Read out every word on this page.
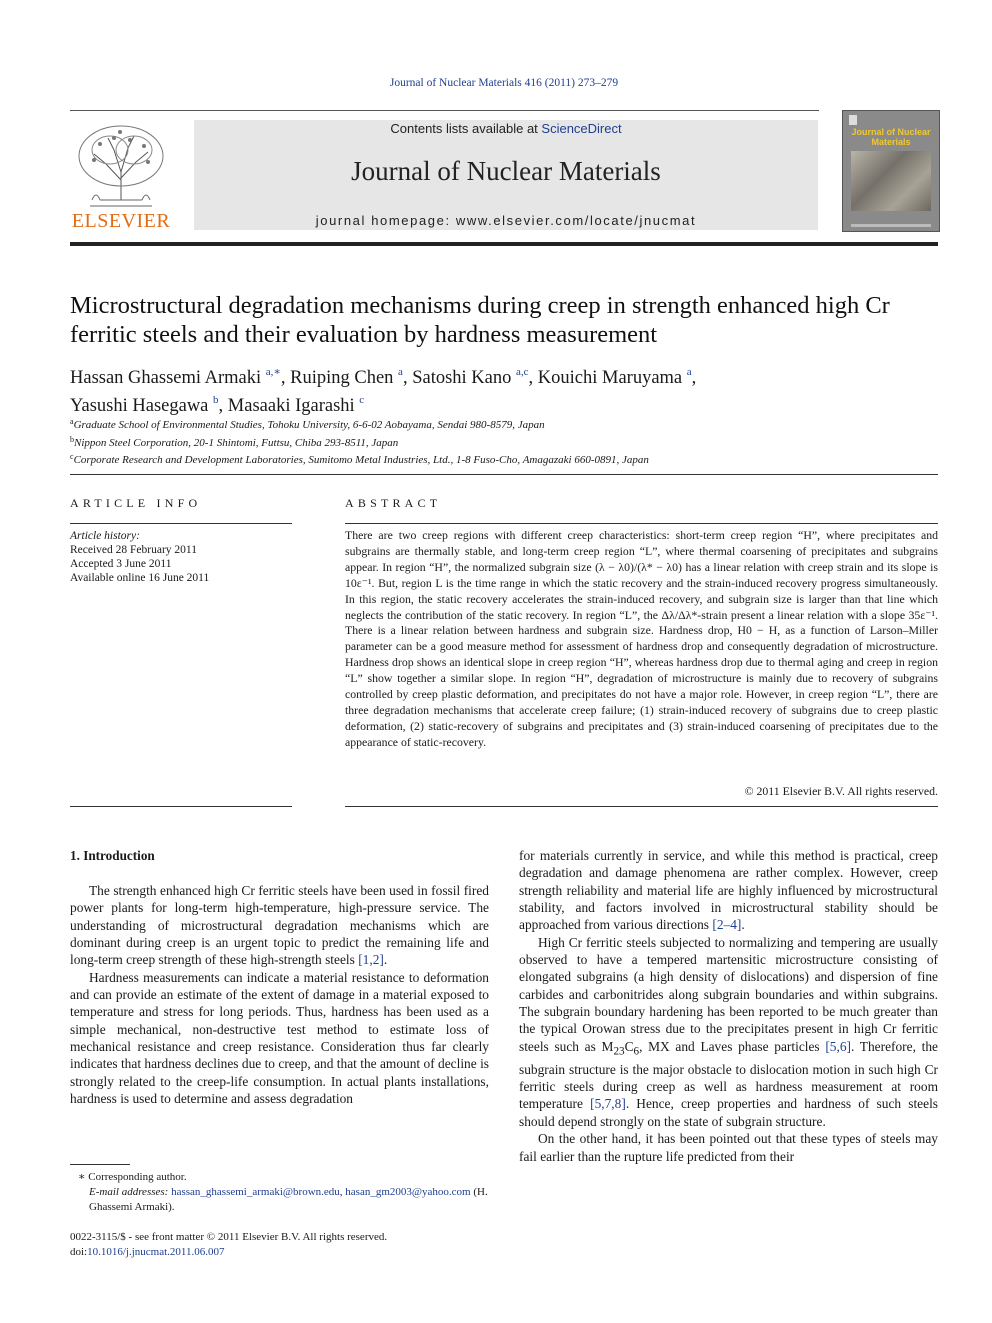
Journal of Nuclear Materials 416 (2011) 273–279
ELSEVIER
Contents lists available at ScienceDirect
Journal of Nuclear Materials
journal homepage: www.elsevier.com/locate/jnucmat
Journal of Nuclear Materials
Microstructural degradation mechanisms during creep in strength enhanced high Cr ferritic steels and their evaluation by hardness measurement
Hassan Ghassemi Armaki $^{a,∗}$, Ruiping Chen $^a$, Satoshi Kano $^{a,c}$, Kouichi Maruyama $^a$,
Yasushi Hasegawa $^b$, Masaaki Igarashi $^c$
$^a$Graduate School of Environmental Studies, Tohoku University, 6-6-02 Aobayama, Sendai 980-8579, Japan
$^b$Nippon Steel Corporation, 20-1 Shintomi, Futtsu, Chiba 293-8511, Japan
$^c$Corporate Research and Development Laboratories, Sumitomo Metal Industries, Ltd., 1-8 Fuso-Cho, Amagazaki 660-0891, Japan
ARTICLE INFO
Article history:
Received 28 February 2011
Accepted 3 June 2011
Available online 16 June 2011
ABSTRACT
There are two creep regions with different creep characteristics: short-term creep region “H”, where precipitates and subgrains are thermally stable, and long-term creep region “L”, where thermal coarsening of precipitates and subgrains appear. In region “H”, the normalized subgrain size (λ − λ0)/(λ* − λ0) has a linear relation with creep strain and its slope is 10ε⁻¹. But, region L is the time range in which the static recovery and the strain-induced recovery progress simultaneously. In this region, the static recovery accelerates the strain-induced recovery, and subgrain size is larger than that line which neglects the contribution of the static recovery. In region “L”, the Δλ/Δλ*-strain present a linear relation with a slope 35ε⁻¹. There is a linear relation between hardness and subgrain size. Hardness drop, H0 − H, as a function of Larson–Miller parameter can be a good measure method for assessment of hardness drop and consequently degradation of microstructure. Hardness drop shows an identical slope in creep region “H”, whereas hardness drop due to thermal aging and creep in region “L” show together a similar slope. In region “H”, degradation of microstructure is mainly due to recovery of subgrains controlled by creep plastic deformation, and precipitates do not have a major role. However, in creep region “L”, there are three degradation mechanisms that accelerate creep failure; (1) strain-induced recovery of subgrains due to creep plastic deformation, (2) static-recovery of subgrains and precipitates and (3) strain-induced coarsening of precipitates due to the appearance of static-recovery.
© 2011 Elsevier B.V. All rights reserved.
1. Introduction

The strength enhanced high Cr ferritic steels have been used in fossil fired power plants for long-term high-temperature, high-pressure service. The understanding of microstructural degradation mechanisms which are dominant during creep is an urgent topic to predict the remaining life and long-term creep strength of these high-strength steels [1,2].

Hardness measurements can indicate a material resistance to deformation and can provide an estimate of the extent of damage in a material exposed to temperature and stress for long periods. Thus, hardness has been used as a simple mechanical, non-destructive test method to estimate loss of mechanical resistance and creep resistance. Consideration thus far clearly indicates that hardness declines due to creep, and that the amount of decline is strongly related to the creep-life consumption. In actual plants installations, hardness is used to determine and assess degradation

for materials currently in service, and while this method is practical, creep degradation and damage phenomena are rather complex. However, creep strength reliability and material life are highly influenced by microstructural stability, and factors involved in microstructural stability should be approached from various directions [2–4].

High Cr ferritic steels subjected to normalizing and tempering are usually observed to have a tempered martensitic microstructure consisting of elongated subgrains (a high density of dislocations) and dispersion of fine carbides and carbonitrides along subgrain boundaries and within subgrains. The subgrain boundary hardening has been reported to be much greater than the typical Orowan stress due to the precipitates present in high Cr ferritic steels such as $M_{23}C_6$, MX and Laves phase particles [5,6]. Therefore, the subgrain structure is the major obstacle to dislocation motion in such high Cr ferritic steels during creep as well as hardness measurement at room temperature [5,7,8]. Hence, creep properties and hardness of such steels should depend strongly on the state of subgrain structure.

On the other hand, it has been pointed out that these types of steels may fail earlier than the rupture life predicted from their

∗ Corresponding author.
E-mail addresses: hassan_ghassemi_armaki@brown.edu, hasan_gm2003@yahoo.com (H. Ghassemi Armaki).
0022-3115/$ - see front matter © 2011 Elsevier B.V. All rights reserved.
doi:10.1016/j.jnucmat.2011.06.007
